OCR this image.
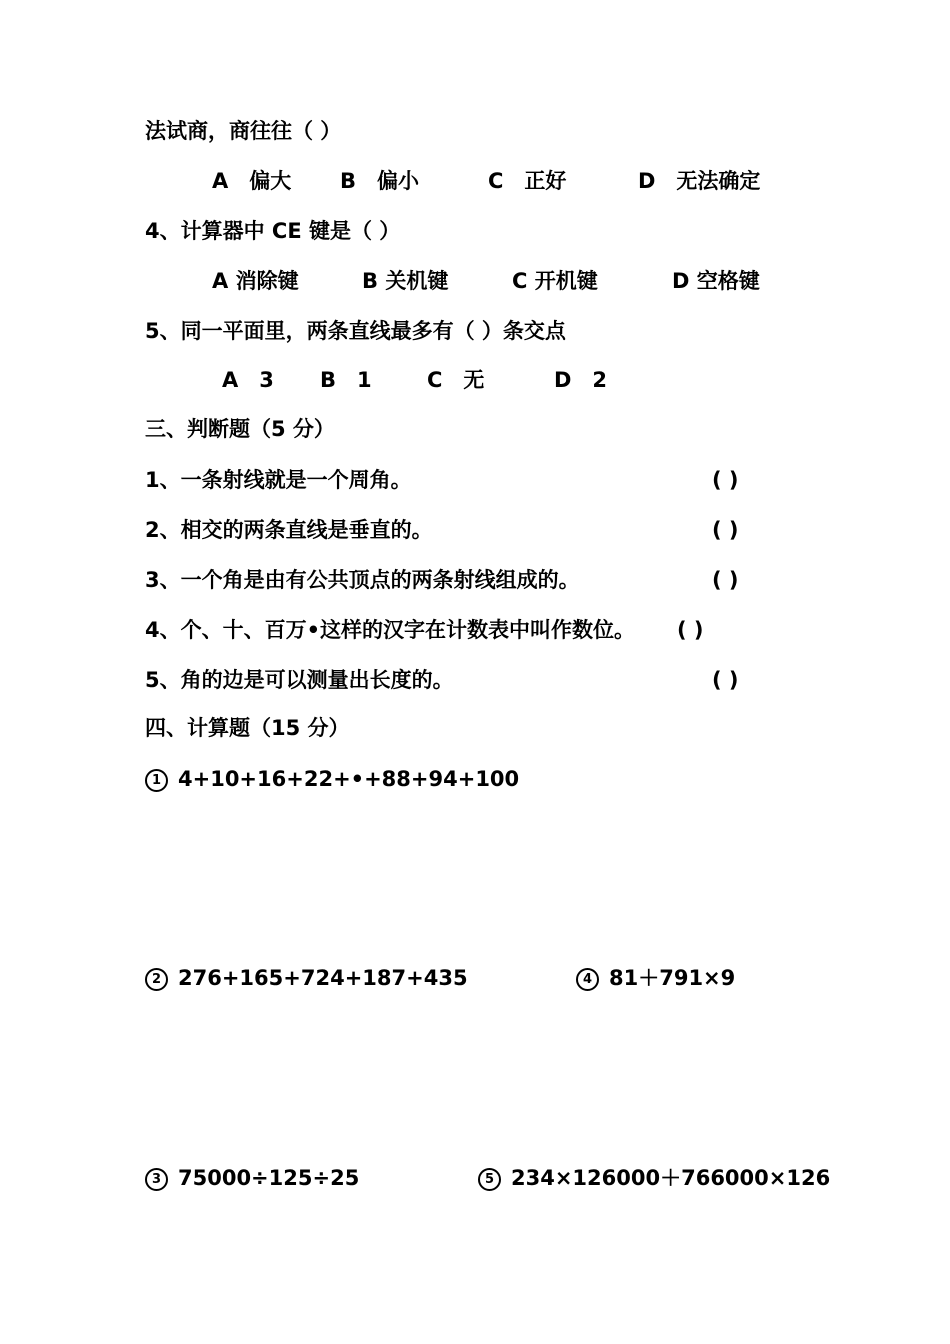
法试商，商往往（ ）
A　偏大 B　偏小	C　正好	D　无法确定
4、计算器中 CE 键是（ ）
A 消除键	B 关机键	C 开机键	D 空格键
5、同一平面里，两条直线最多有（ ）条交点
A　3 B　1	C　无	D　2
三、判断题（5 分）
1、一条射线就是一个周角。	( )
2、相交的两条直线是垂直的。	( )
3、一个角是由有公共顶点的两条射线组成的。	( )
4、个、十、百万•这样的汉字在计数表中叫作数位。 ( )
5、角的边是可以测量出长度的。	( )
四、计算题（15 分）
1 4+10+16+22+•+88+94+100
2 276+165+724+187+435	4 81＋791×9
3 75000÷125÷25	5 234×126000＋766000×126
